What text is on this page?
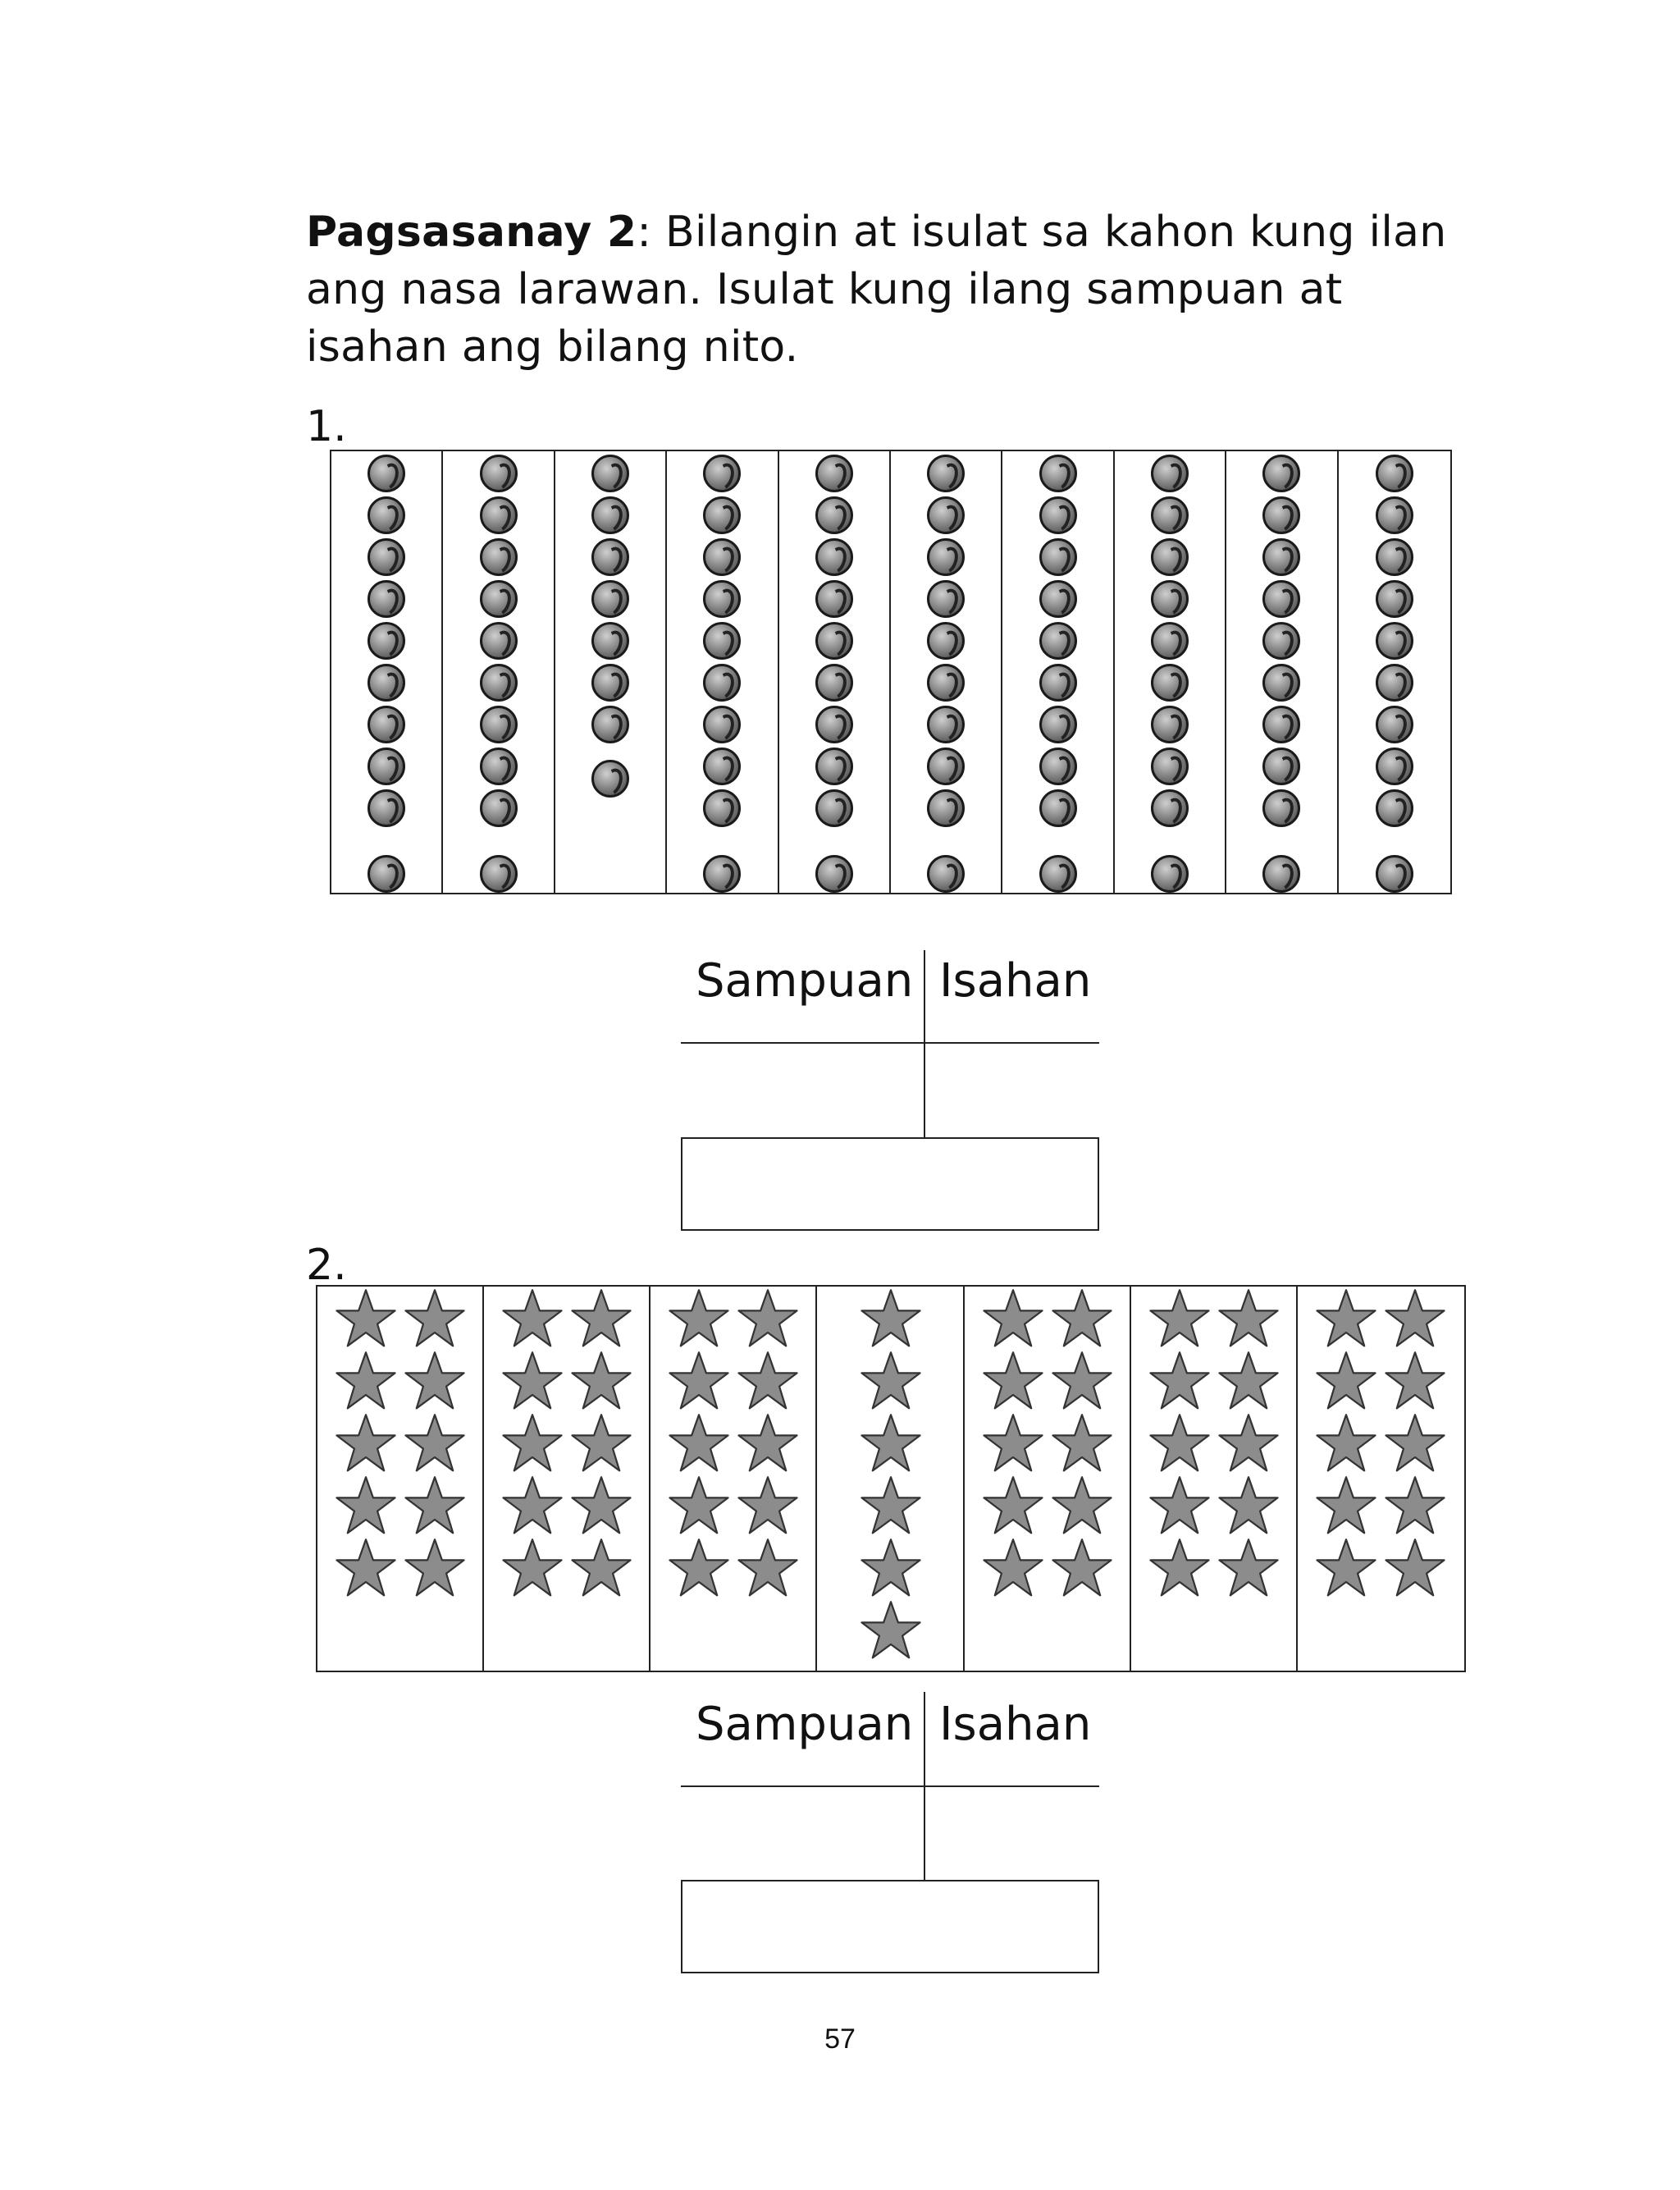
Pagsasanay 2: Bilangin at isulat sa kahon kung ilan ang nasa larawan. Isulat kung ilang sampuan at isahan ang bilang nito.
1.
Sampuan Isahan
2.
Sampuan Isahan
57
